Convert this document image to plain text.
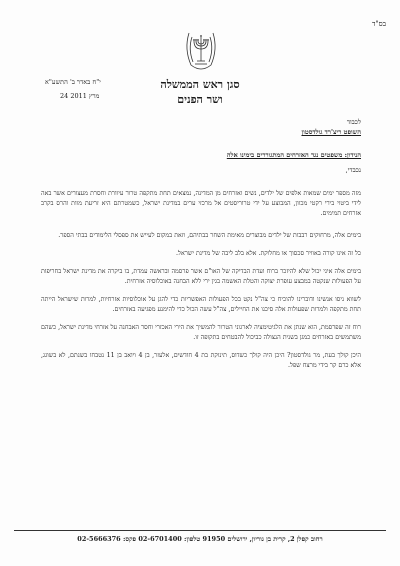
בס"ד
סגן ראש הממשלה
ושר הפנים
י"ח באדר ב' התשע"א
24 מרץ 2011
לכבוד
השופט ריצ'רד גולדסטון
הנידון: משפטים נגד האזרחים המתגוררים בימינו אלה
נכבדי,

מזה מספר ימים שמאות אלפים של ילדים, נשים ואזרחים מן המדינה, נמצאים תחת מתקפה טרור עיוורת וחסרת מעצורים אשר באה לידי ביטוי בירי רקטי מכוון, המבוצע על ידי טרוריסטים אל מרכזי ערים במדינת ישראל, כשמטרתם היא זריעת מוות והרס בקרב אזרחים תמימים.

בימים אלה, מרחוקים רבבות של ילדים מבוצרים מאימת השחר בבתיהם, וזאת במקום לעייש את ספסלי הלימודים בבתי הספר.

כל זה אינו קורה באוויר סכסוך או מחלוקת. אלא בלב ליבה של מדינת ישראל.

בימים אלה איני יכול שלא להיזכר ברוח ועדת הבדיקה של האו"ם אשר פרסמה ובראשה עמדת, בו ביקרה את מדינת ישראל בחריפות על הפעולות שנקטה במבצע עופרת יצוקה והטלת האשמה בגין ירי ללא הבחנה באוכלוסיה אזרחית.

לשווא ניסו אנשינו ודוברינו להוכיח כי צה"ל נקט בכל הפעולות האפשריות כדי להגן על אוכלוסיות אזרחיות, למרות שישראל הייתה תחת מתקפה ולמרות שפעולות אלה סיכנו את החיילים, צה"ל עשה הכול כדי להימנע מפגיעה באזרחים.

רוח זה שפרסמת, הוא שנתן את הלגיטימציה לארגוני הטרור להמשיך את הירי האכזרי וחסר האבחנה על אזרחי מדינת ישראל, כשהם משתמשים באזרחים כמגן בשנית הנצולה כביכול להבטחים בתקופה זו.

היכן קולך בעת, מר גולדסטון? היכן היה קולך כשדוס, תינוקת בת 4 חודשים, אלעזר, בן 4 ויואב בן 11 נטבחו בשנתם, לא בשוגג, אלא כרם קר בידי מרצח שפל.

רחוב קפלן 2, קרית בן גוריון, ירושלים 91950 טלפון: 02-6701400 פקס: 02-5666376
